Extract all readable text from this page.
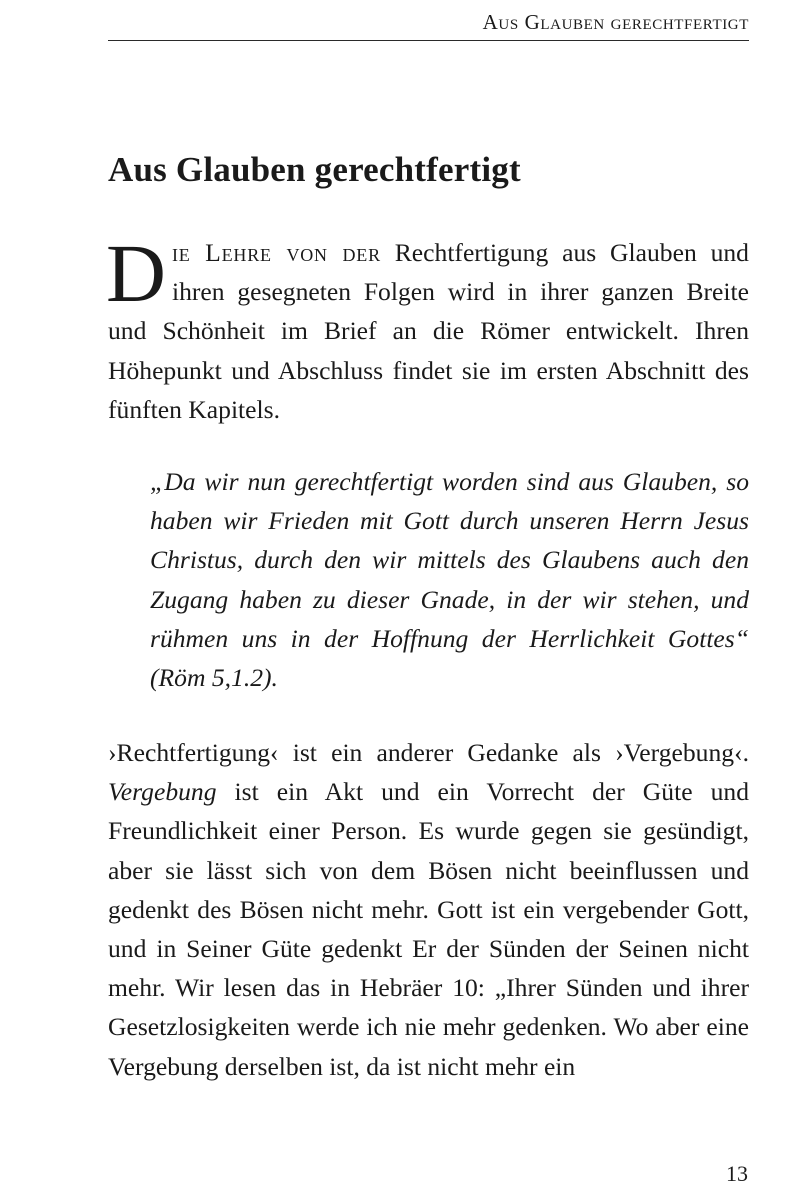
Aus Glauben gerechtfertigt
Aus Glauben gerechtfertigt

Die Lehre von der Rechtfertigung aus Glauben und ihren gesegneten Folgen wird in ihrer ganzen Breite und Schönheit im Brief an die Römer entwickelt. Ihren Höhepunkt und Abschluss findet sie im ersten Abschnitt des fünften Kapitels.

„Da wir nun gerechtfertigt worden sind aus Glauben, so haben wir Frieden mit Gott durch unseren Herrn Jesus Christus, durch den wir mittels des Glaubens auch den Zugang haben zu dieser Gnade, in der wir stehen, und rühmen uns in der Hoffnung der Herrlichkeit Gottes“ (Röm 5,1.2).

›Rechtfertigung‹ ist ein anderer Gedanke als ›Vergebung‹. Vergebung ist ein Akt und ein Vorrecht der Güte und Freundlichkeit einer Person. Es wurde gegen sie gesündigt, aber sie lässt sich von dem Bösen nicht beeinflussen und gedenkt des Bösen nicht mehr. Gott ist ein vergebender Gott, und in Seiner Güte gedenkt Er der Sünden der Seinen nicht mehr. Wir lesen das in Hebräer 10: „Ihrer Sünden und ihrer Gesetzlosigkeiten werde ich nie mehr gedenken. Wo aber eine Vergebung derselben ist, da ist nicht mehr ein

13
